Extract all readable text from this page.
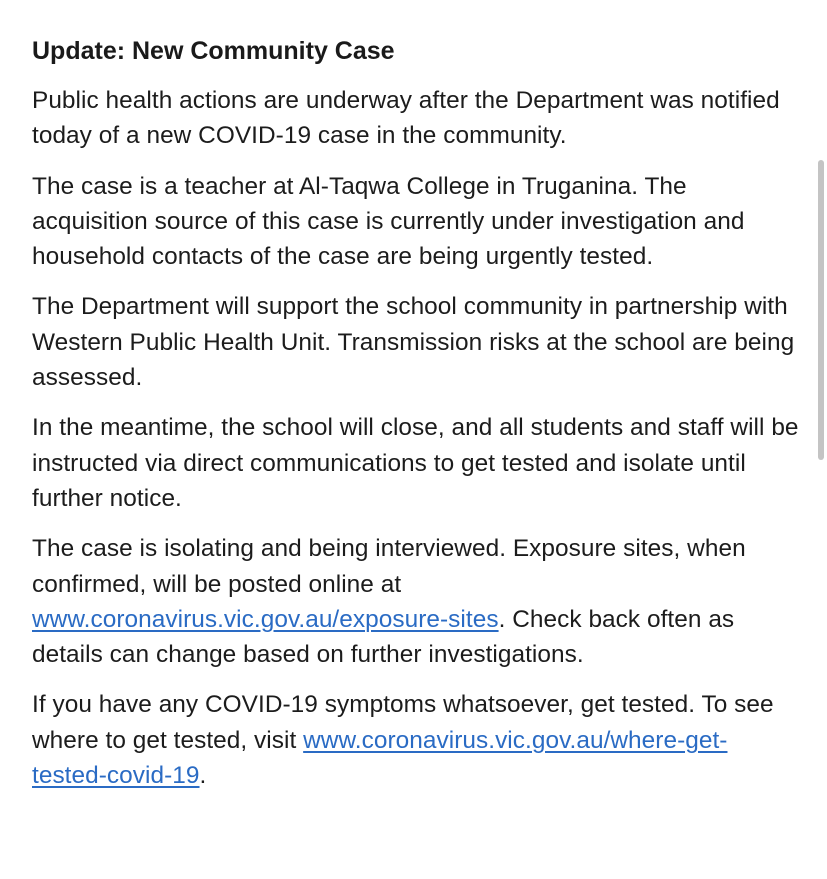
Update: New Community Case
Public health actions are underway after the Department was notified today of a new COVID-19 case in the community.
The case is a teacher at Al-Taqwa College in Truganina. The acquisition source of this case is currently under investigation and household contacts of the case are being urgently tested.
The Department will support the school community in partnership with Western Public Health Unit. Transmission risks at the school are being assessed.
In the meantime, the school will close, and all students and staff will be instructed via direct communications to get tested and isolate until further notice.
The case is isolating and being interviewed. Exposure sites, when confirmed, will be posted online at www.coronavirus.vic.gov.au/exposure-sites. Check back often as details can change based on further investigations.
If you have any COVID-19 symptoms whatsoever, get tested. To see where to get tested, visit www.coronavirus.vic.gov.au/where-get-tested-covid-19.
